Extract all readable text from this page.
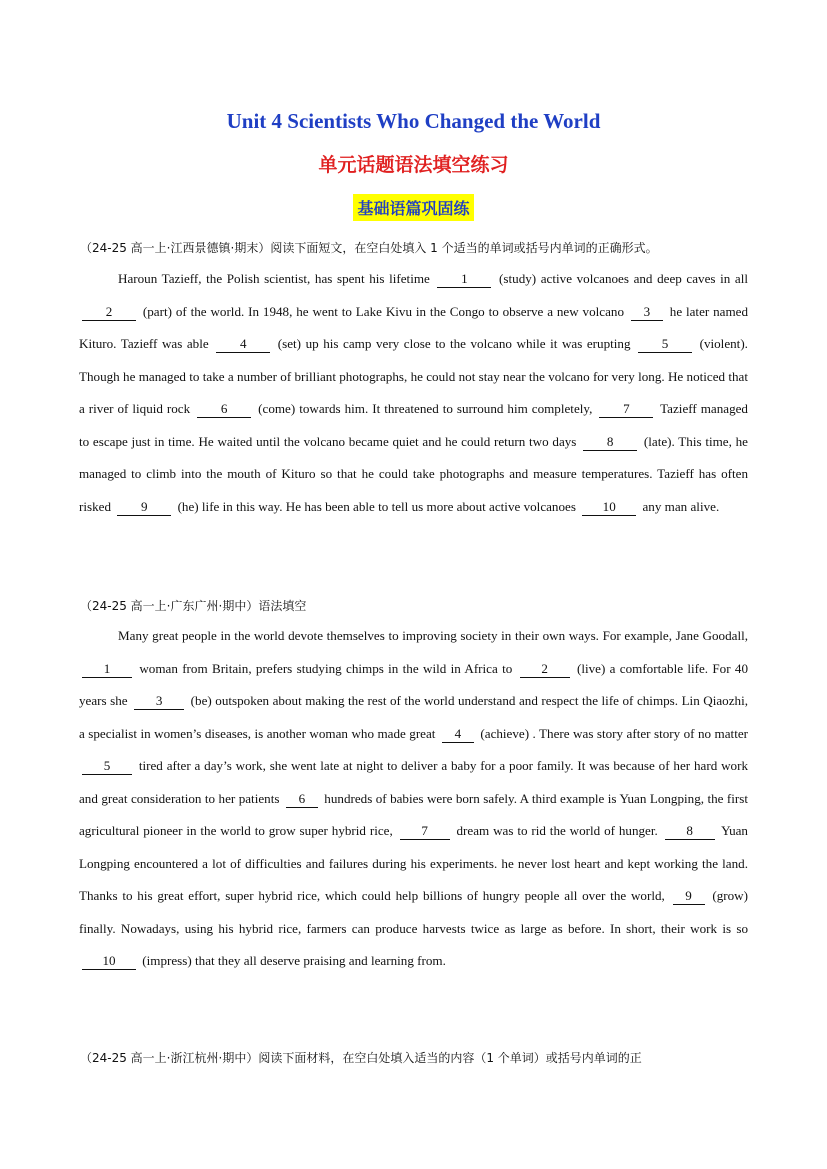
Unit 4 Scientists Who Changed the World
单元话题语法填空练习
基础语篇巩固练
（24-25 高一上·江西景德镇·期末）阅读下面短文，在空白处填入 1 个适当的单词或括号内单词的正确形式。

Haroun Tazieff, the Polish scientist, has spent his lifetime 1 (study) active volcanoes and deep caves in all 2 (part) of the world. In 1948, he went to Lake Kivu in the Congo to observe a new volcano 3 he later named Kituro. Tazieff was able 4 (set) up his camp very close to the volcano while it was erupting 5 (violent). Though he managed to take a number of brilliant photographs, he could not stay near the volcano for very long. He noticed that a river of liquid rock 6 (come) towards him. It threatened to surround him completely, 7 Tazieff managed to escape just in time. He waited until the volcano became quiet and he could return two days 8 (late). This time, he managed to climb into the mouth of Kituro so that he could take photographs and measure temperatures. Tazieff has often risked 9 (he) life in this way. He has been able to tell us more about active volcanoes 10 any man alive.

（24-25 高一上·广东广州·期中）语法填空

Many great people in the world devote themselves to improving society in their own ways. For example, Jane Goodall, 1 woman from Britain, prefers studying chimps in the wild in Africa to 2 (live) a comfortable life. For 40 years she 3 (be) outspoken about making the rest of the world understand and respect the life of chimps. Lin Qiaozhi, a specialist in women’s diseases, is another woman who made great 4 (achieve) . There was story after story of no matter 5 tired after a day’s work, she went late at night to deliver a baby for a poor family. It was because of her hard work and great consideration to her patients 6 hundreds of babies were born safely. A third example is Yuan Longping, the first agricultural pioneer in the world to grow super hybrid rice, 7 dream was to rid the world of hunger. 8 Yuan Longping encountered a lot of difficulties and failures during his experiments. he never lost heart and kept working the land. Thanks to his great effort, super hybrid rice, which could help billions of hungry people all over the world, 9 (grow) finally. Nowadays, using his hybrid rice, farmers can produce harvests twice as large as before. In short, their work is so 10 (impress) that they all deserve praising and learning from.

（24-25 高一上·浙江杭州·期中）阅读下面材料，在空白处填入适当的内容（1 个单词）或括号内单词的正
